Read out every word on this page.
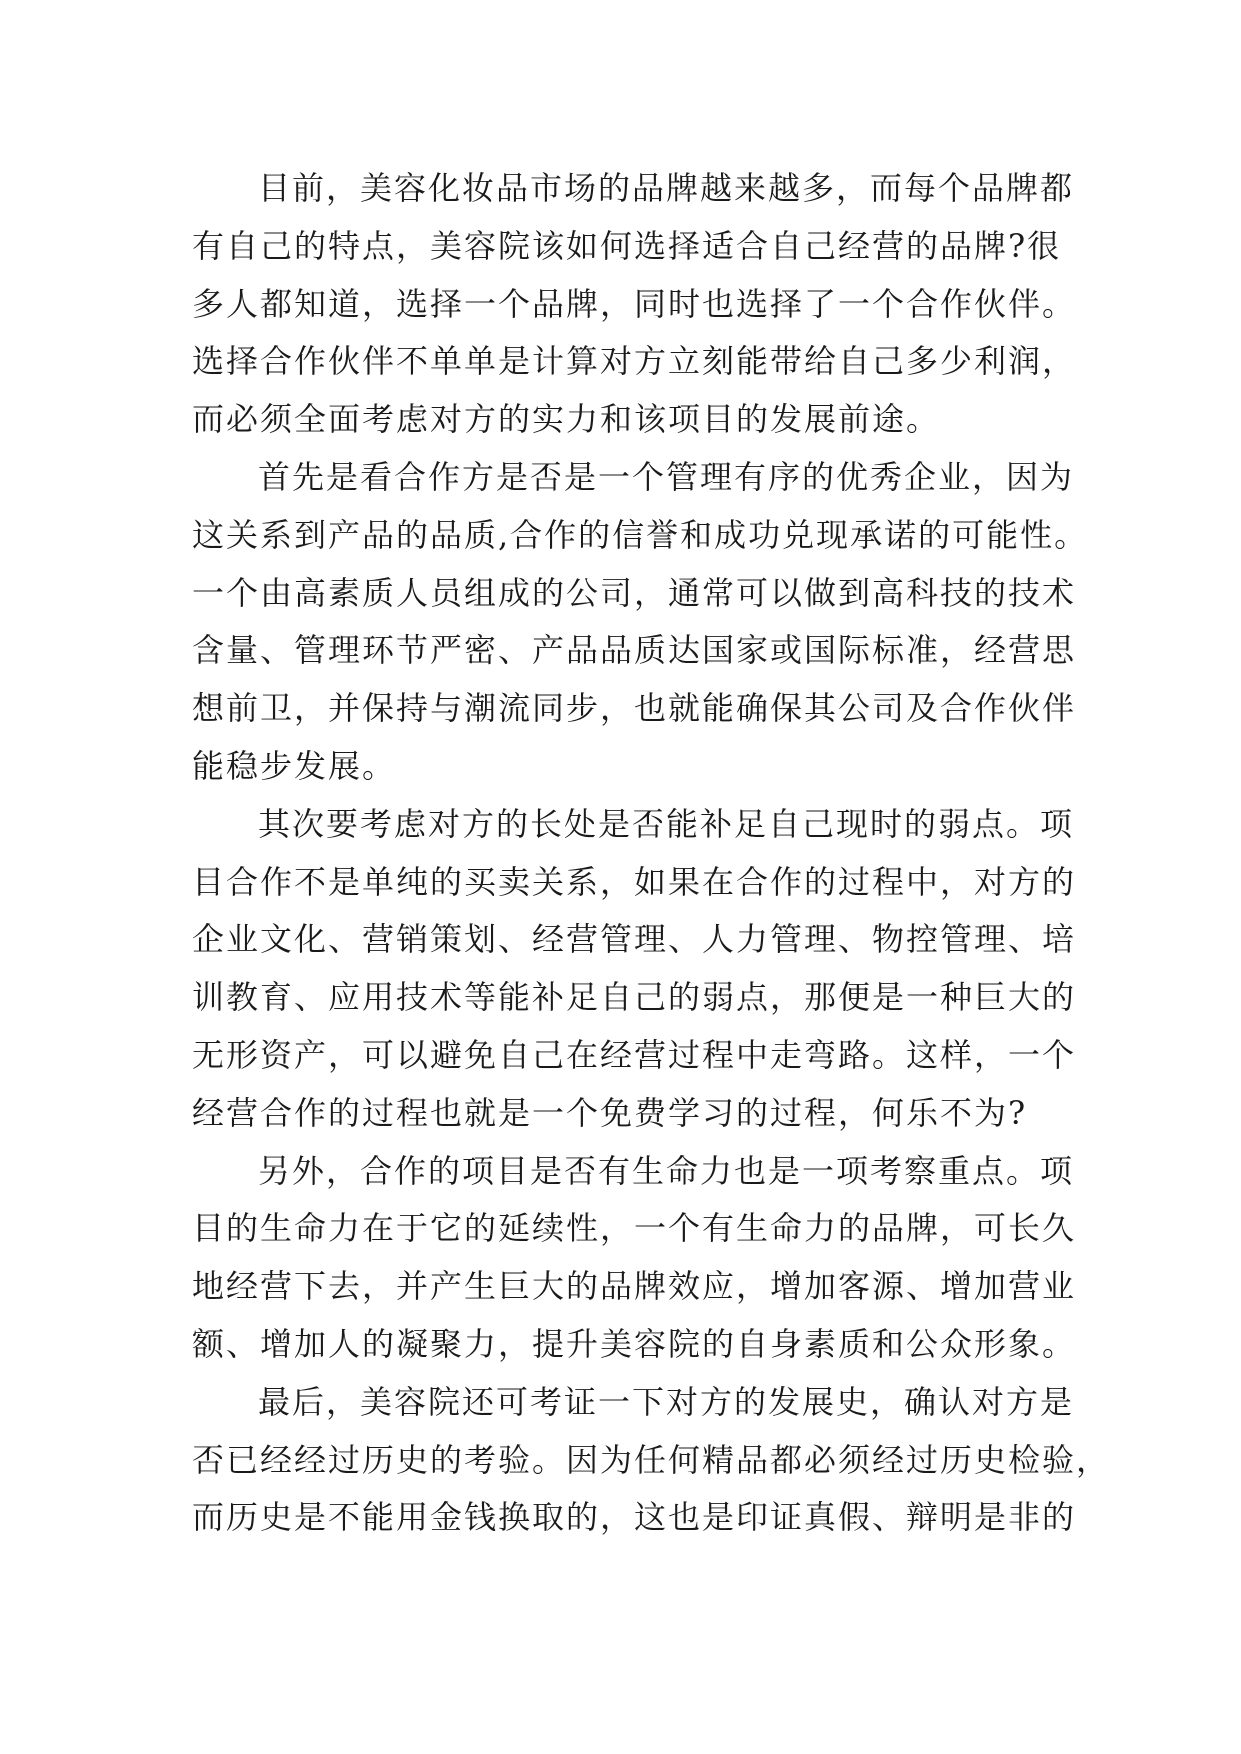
目前，美容化妆品市场的品牌越来越多，而每个品牌都
有自己的特点，美容院该如何选择适合自己经营的品牌?很
多人都知道，选择一个品牌，同时也选择了一个合作伙伴。
选择合作伙伴不单单是计算对方立刻能带给自己多少利润，
而必须全面考虑对方的实力和该项目的发展前途。
首先是看合作方是否是一个管理有序的优秀企业，因为
这关系到产品的品质,合作的信誉和成功兑现承诺的可能性。
一个由高素质人员组成的公司，通常可以做到高科技的技术
含量、管理环节严密、产品品质达国家或国际标准，经营思
想前卫，并保持与潮流同步，也就能确保其公司及合作伙伴
能稳步发展。
其次要考虑对方的长处是否能补足自己现时的弱点。项
目合作不是单纯的买卖关系，如果在合作的过程中，对方的
企业文化、营销策划、经营管理、人力管理、物控管理、培
训教育、应用技术等能补足自己的弱点，那便是一种巨大的
无形资产，可以避免自己在经营过程中走弯路。这样，一个
经营合作的过程也就是一个免费学习的过程，何乐不为?
另外，合作的项目是否有生命力也是一项考察重点。项
目的生命力在于它的延续性，一个有生命力的品牌，可长久
地经营下去，并产生巨大的品牌效应，增加客源、增加营业
额、增加人的凝聚力，提升美容院的自身素质和公众形象。
最后，美容院还可考证一下对方的发展史，确认对方是
否已经经过历史的考验。因为任何精品都必须经过历史检验，
而历史是不能用金钱换取的，这也是印证真假、辩明是非的
